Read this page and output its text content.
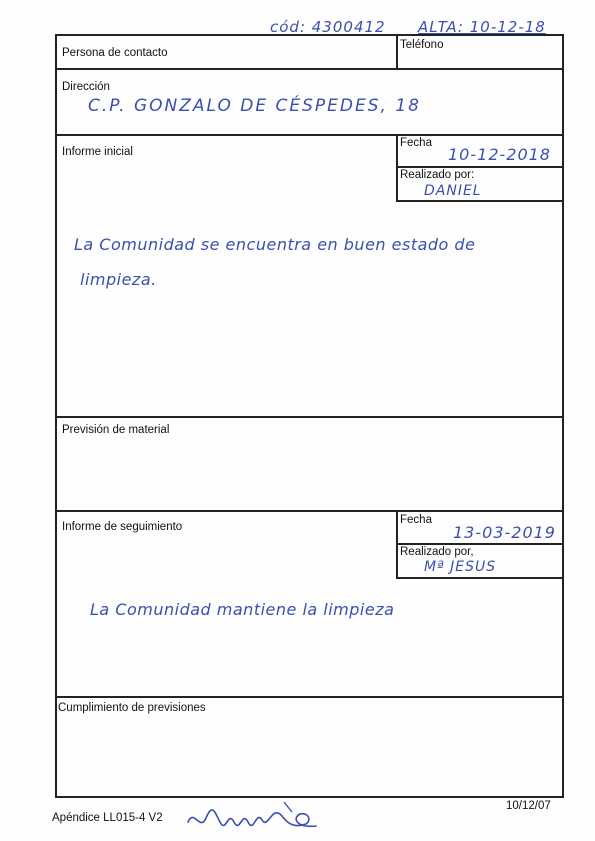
cód: 4300412 ALTA: 10-12-18
Persona de contacto
Teléfono
Dirección
C.P. GONZALO DE CÉSPEDES, 18
Informe inicial
Fecha
10-12-2018
Realizado por:
DANIEL
La Comunidad se encuentra en buen estado de
limpieza.
Previsión de material
Informe de seguimiento
Fecha
13-03-2019
Realizado por,
Mª JESUS
La Comunidad mantiene la limpieza
Cumplimiento de previsiones
Apéndice LL015-4 V2
10/12/07
